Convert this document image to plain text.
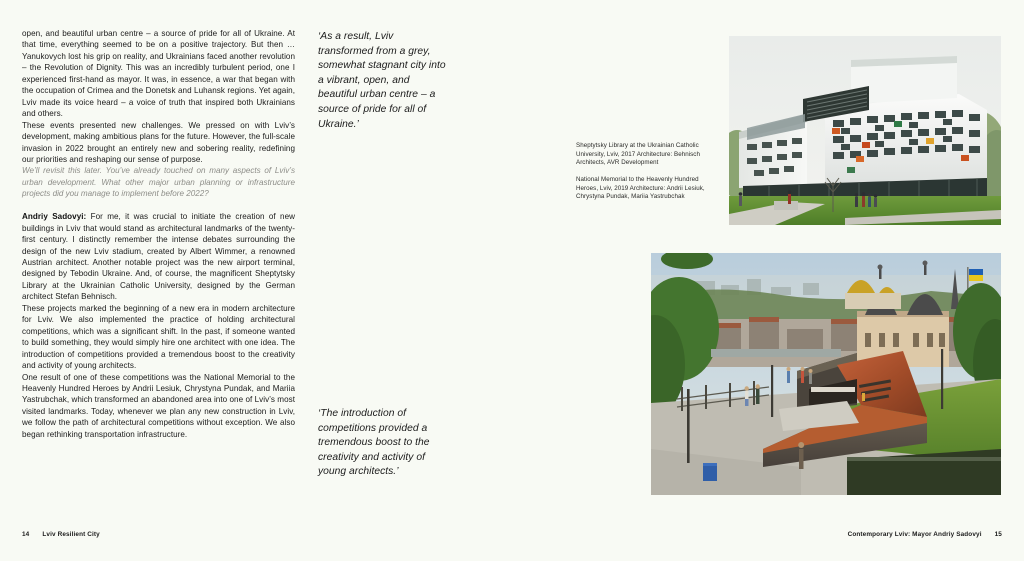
open, and beautiful urban centre – a source of pride for all of Ukraine. At that time, everything seemed to be on a positive trajectory. But then … Yanukovych lost his grip on reality, and Ukrainians faced another revolution – the Revolution of Dignity. This was an incredibly turbulent period, one I experienced first-hand as mayor. It was, in essence, a war that began with the occupation of Crimea and the Donetsk and Luhansk regions. Yet again, Lviv made its voice heard – a voice of truth that inspired both Ukrainians and others.

These events presented new challenges. We pressed on with Lviv’s development, making ambitious plans for the future. However, the full-scale invasion in 2022 brought an entirely new and sobering reality, redefining our priorities and reshaping our sense of purpose.

We’ll revisit this later. You’ve already touched on many aspects of Lviv’s urban development. What other major urban planning or infrastructure projects did you manage to implement before 2022?

Andriy Sadovyi: For me, it was crucial to initiate the creation of new buildings in Lviv that would stand as architectural landmarks of the twenty-first century. I distinctly remember the intense debates surrounding the design of the new Lviv stadium, created by Albert Wimmer, a renowned Austrian architect. Another notable project was the new airport terminal, designed by Tebodin Ukraine. And, of course, the magnificent Sheptytsky Library at the Ukrainian Catholic University, designed by the German architect Stefan Behnisch.

These projects marked the beginning of a new era in modern architecture for Lviv. We also implemented the practice of holding architectural competitions, which was a significant shift. In the past, if someone wanted to build something, they would simply hire one architect with one idea. The introduction of competitions provided a tremendous boost to the creativity and activity of young architects.

One result of one of these competitions was the National Memorial to the Heavenly Hundred Heroes by Andrii Lesiuk, Chrystyna Pundak, and Mariia Yastrubchak, which transformed an abandoned area into one of Lviv’s most visited landmarks. Today, whenever we plan any new construction in Lviv, we follow the path of architectural competitions without exception. We also began rethinking transportation infrastructure.

14 Lviv Resilient City
‘As a result, Lviv transformed from a grey, somewhat stagnant city into a vibrant, open, and beautiful urban centre – a source of pride for all of Ukraine.’
‘The introduction of competitions provided a tremendous boost to the creativity and activity of young architects.’
Sheptytsky Library at the Ukrainian Catholic University, Lviv, 2017 Architecture: Behnisch Architects, AVR Development
National Memorial to the Heavenly Hundred Heroes, Lviv, 2019 Architecture: Andrii Lesiuk, Chrystyna Pundak, Mariia Yastrubchak
Contemporary Lviv: Mayor Andriy Sadovyi 15
